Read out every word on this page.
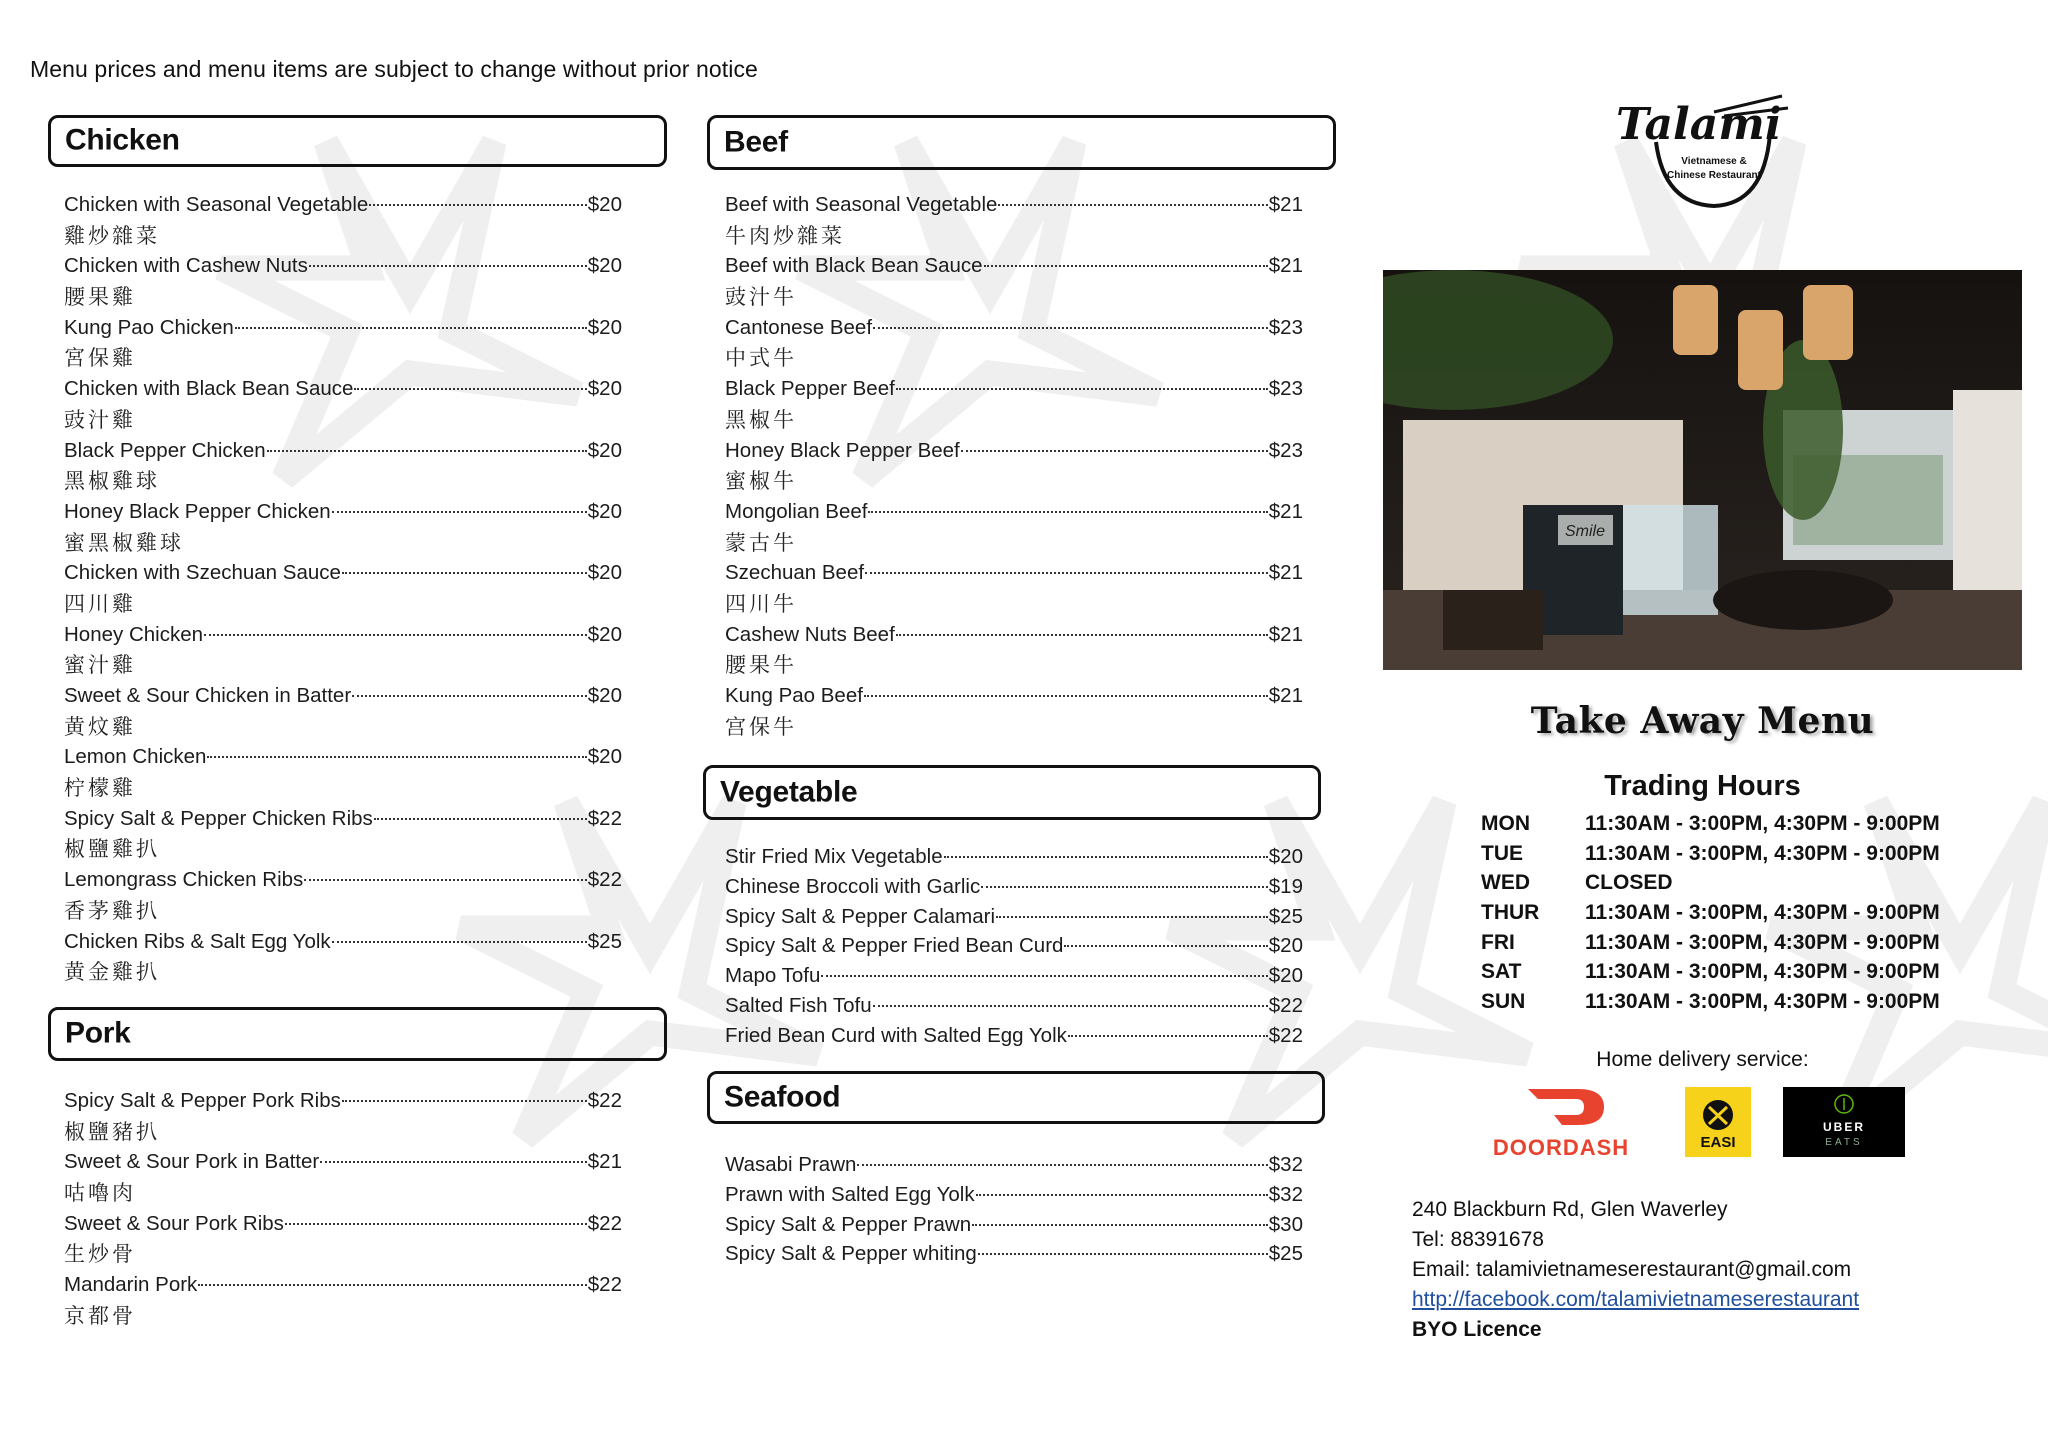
Menu prices and menu items are subject to change without prior notice
Chicken
Chicken with Seasonal Vegetable	$20
雞炒雜菜
Chicken with Cashew Nuts	$20
腰果雞
Kung Pao Chicken	$20
宮保雞
Chicken with Black Bean Sauce	$20
豉汁雞
Black Pepper Chicken	$20
黑椒雞球
Honey Black Pepper Chicken	$20
蜜黑椒雞球
Chicken with Szechuan Sauce	$20
四川雞
Honey Chicken	$20
蜜汁雞
Sweet & Sour Chicken in Batter	$20
黄炆雞
Lemon Chicken	$20
柠檬雞
Spicy Salt & Pepper Chicken Ribs	$22
椒鹽雞扒
Lemongrass Chicken Ribs	$22
香茅雞扒
Chicken Ribs & Salt Egg Yolk	$25
黄金雞扒
Pork
Spicy Salt & Pepper Pork Ribs	$22
椒鹽豬扒
Sweet & Sour Pork in Batter	$21
咕嚕肉
Sweet & Sour Pork Ribs	$22
生炒骨
Mandarin Pork	$22
京都骨
Beef
Beef with Seasonal Vegetable	$21
牛肉炒雜菜
Beef with Black Bean Sauce	$21
豉汁牛
Cantonese Beef	$23
中式牛
Black Pepper Beef	$23
黑椒牛
Honey Black Pepper Beef	$23
蜜椒牛
Mongolian Beef	$21
蒙古牛
Szechuan Beef	$21
四川牛
Cashew Nuts Beef	$21
腰果牛
Kung Pao Beef	$21
宫保牛
Vegetable
Stir Fried Mix Vegetable	$20
Chinese Broccoli with Garlic	$19
Spicy Salt & Pepper Calamari	$25
Spicy Salt & Pepper Fried Bean Curd	$20
Mapo Tofu	$20
Salted Fish Tofu	$22
Fried Bean Curd with Salted Egg Yolk	$22
Seafood
Wasabi Prawn	$32
Prawn with Salted Egg Yolk	$32
Spicy Salt & Pepper Prawn	$30
Spicy Salt & Pepper whiting	$25
Talami
Vietnamese &
Chinese Restaurant
Smile
Take Away Menu
Trading Hours
MON	11:30AM - 3:00PM, 4:30PM - 9:00PM
TUE	11:30AM - 3:00PM, 4:30PM - 9:00PM
WED	CLOSED
THUR	11:30AM - 3:00PM, 4:30PM - 9:00PM
FRI	11:30AM - 3:00PM, 4:30PM - 9:00PM
SAT	11:30AM - 3:00PM, 4:30PM - 9:00PM
SUN	11:30AM - 3:00PM, 4:30PM - 9:00PM
Home delivery service:
DOORDASH	EASI
UBER
EATS
240 Blackburn Rd, Glen Waverley
Tel: 88391678
Email: talamivietnameserestaurant@gmail.com
http://facebook.com/talamivietnameserestaurant
BYO Licence
